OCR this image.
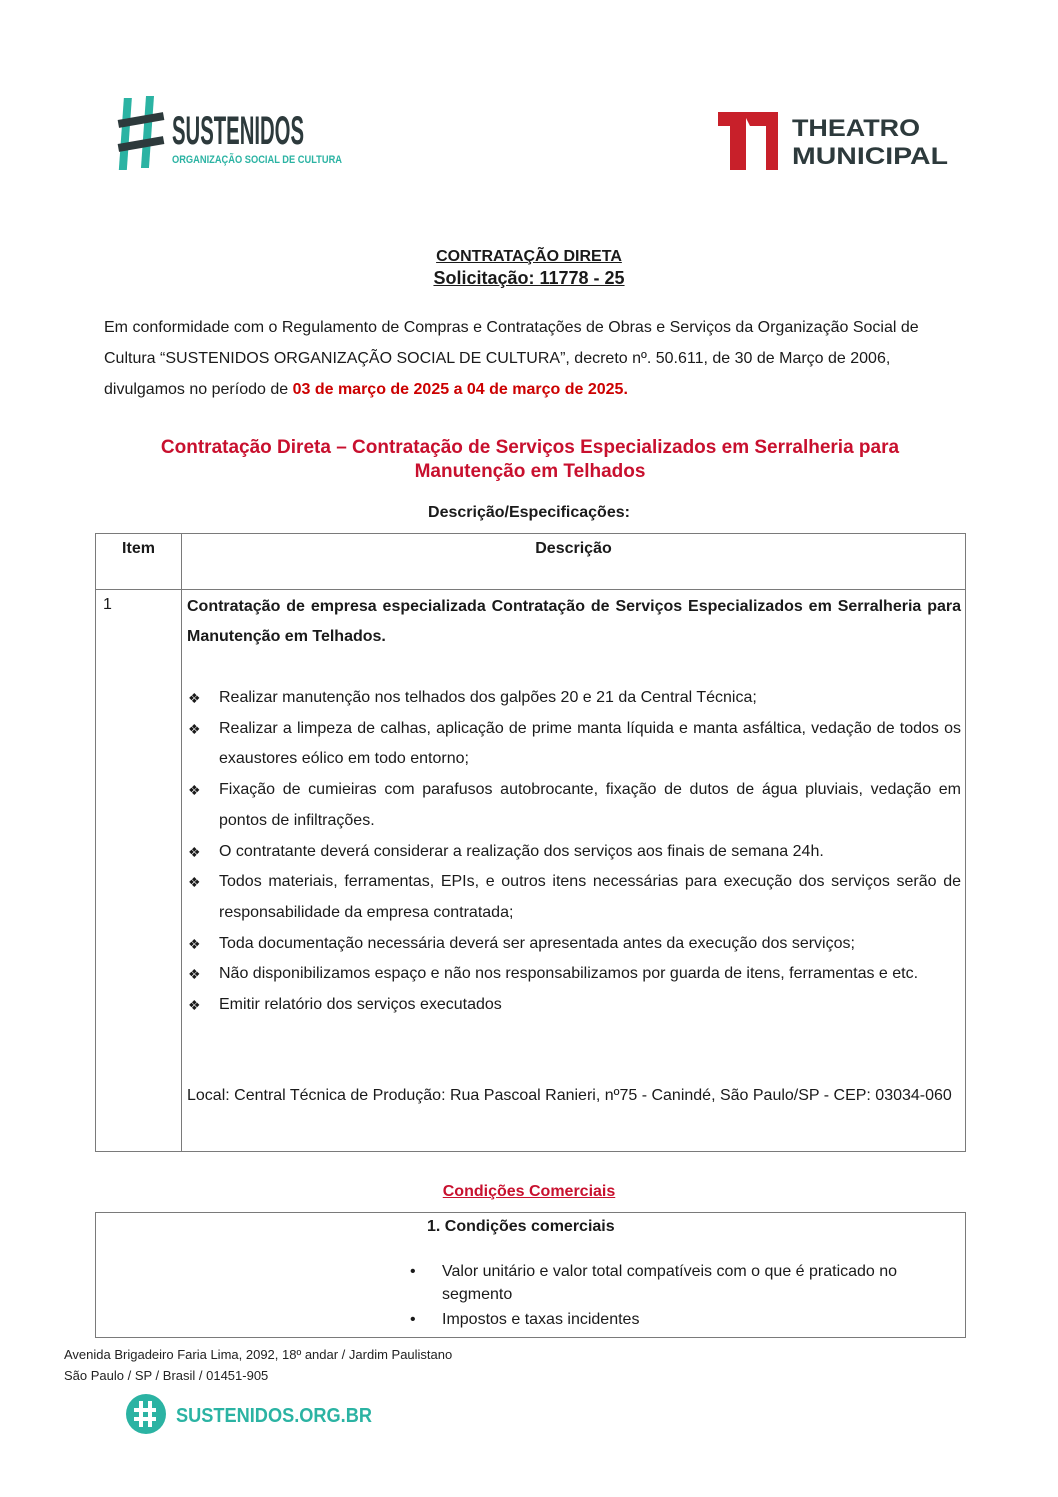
SUSTENIDOS
ORGANIZAÇÃO SOCIAL DE CULTURA
THEATRO
MUNICIPAL
CONTRATAÇÃO DIRETA
Solicitação: 11778 - 25
Em conformidade com o Regulamento de Compras e Contratações de Obras e Serviços da Organização Social de Cultura “SUSTENIDOS ORGANIZAÇÃO SOCIAL DE CULTURA”, decreto nº. 50.611, de 30 de Março de 2006, divulgamos no período de 03 de março de 2025 a 04 de março de 2025.
Contratação Direta – Contratação de Serviços Especializados em Serralheria para Manutenção em Telhados
Descrição/Especificações:
Item	Descrição
1	Contratação de empresa especializada Contratação de Serviços Especializados em Serralheria para Manutenção em Telhados.
❖ Realizar manutenção nos telhados dos galpões 20 e 21 da Central Técnica;
❖ Realizar a limpeza de calhas, aplicação de prime manta líquida e manta asfáltica, vedação de todos os exaustores eólico em todo entorno;
❖ Fixação de cumieiras com parafusos autobrocante, fixação de dutos de água pluviais, vedação em pontos de infiltrações.
❖ O contratante deverá considerar a realização dos serviços aos finais de semana 24h.
❖ Todos materiais, ferramentas, EPIs, e outros itens necessárias para execução dos serviços serão de responsabilidade da empresa contratada;
❖ Toda documentação necessária deverá ser apresentada antes da execução dos serviços;
❖ Não disponibilizamos espaço e não nos responsabilizamos por guarda de itens, ferramentas e etc.
❖ Emitir relatório dos serviços executados
Local: Central Técnica de Produção: Rua Pascoal Ranieri, nº75 - Canindé, São Paulo/SP - CEP: 03034-060
Condições Comerciais
1. Condições comerciais
• Valor unitário e valor total compatíveis com o que é praticado no segmento
• Impostos e taxas incidentes
Avenida Brigadeiro Faria Lima, 2092, 18º andar / Jardim Paulistano
São Paulo / SP / Brasil / 01451-905
SUSTENIDOS.ORG.BR
